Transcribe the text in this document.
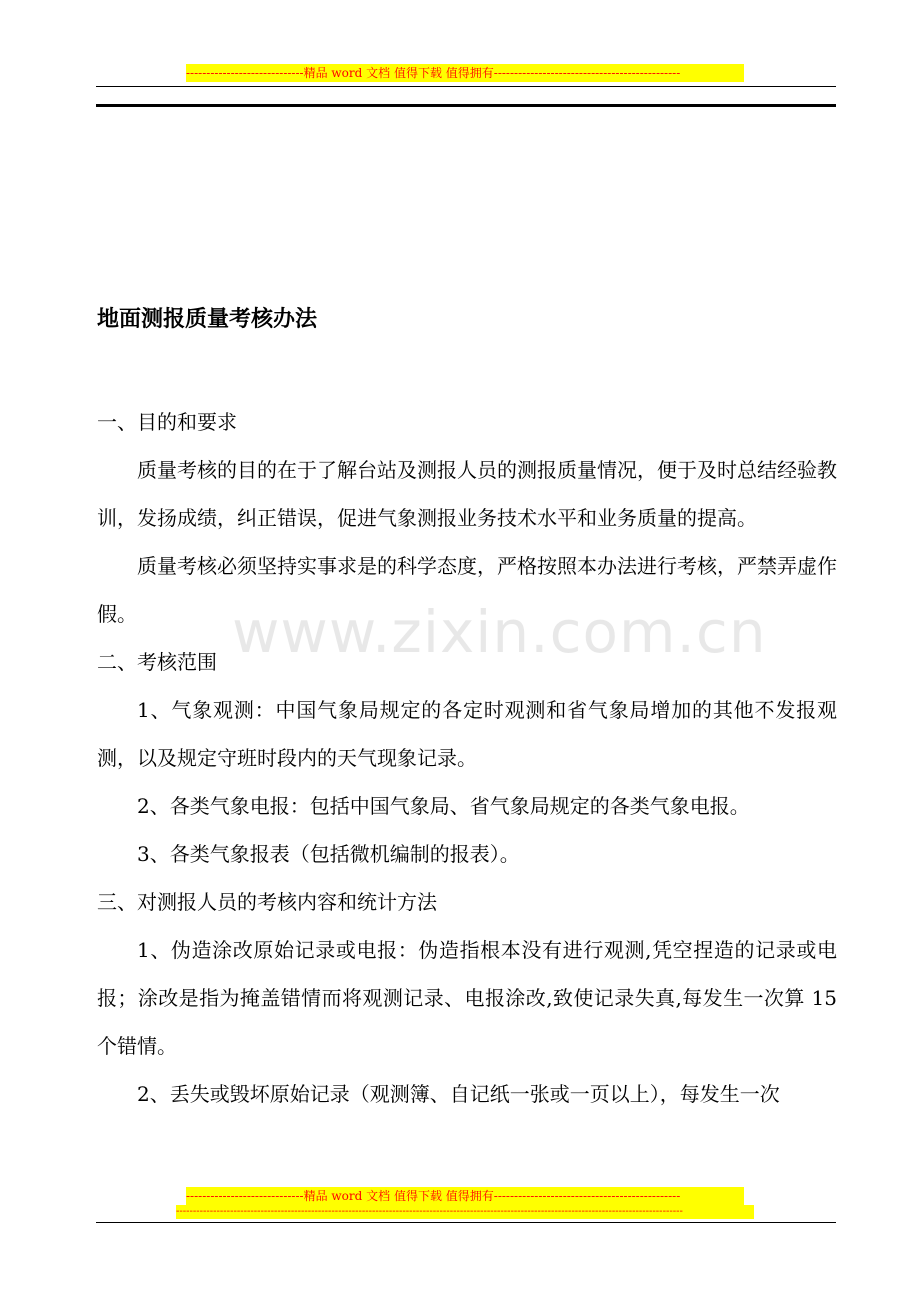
-----------------------------精品 word 文档 值得下载 值得拥有----------------------------------------------
地面测报质量考核办法

一、目的和要求

质量考核的目的在于了解台站及测报人员的测报质量情况，便于及时总结经验教训，发扬成绩，纠正错误，促进气象测报业务技术水平和业务质量的提高。

质量考核必须坚持实事求是的科学态度，严格按照本办法进行考核，严禁弄虚作假。

二、考核范围

1、气象观测：中国气象局规定的各定时观测和省气象局增加的其他不发报观测，以及规定守班时段内的天气现象记录。

2、各类气象电报：包括中国气象局、省气象局规定的各类气象电报。

3、各类气象报表（包括微机编制的报表）。

三、对测报人员的考核内容和统计方法

1、伪造涂改原始记录或电报：伪造指根本没有进行观测,凭空捏造的记录或电报；涂改是指为掩盖错情而将观测记录、电报涂改,致使记录失真,每发生一次算 15 个错情。

2、丢失或毁坏原始记录（观测簿、自记纸一张或一页以上），每发生一次

www.zixin.com.cn
-----------------------------精品 word 文档 值得下载 值得拥有----------------------------------------------
------------------------------------------------------------------------------------------------------------------------------------------------------
